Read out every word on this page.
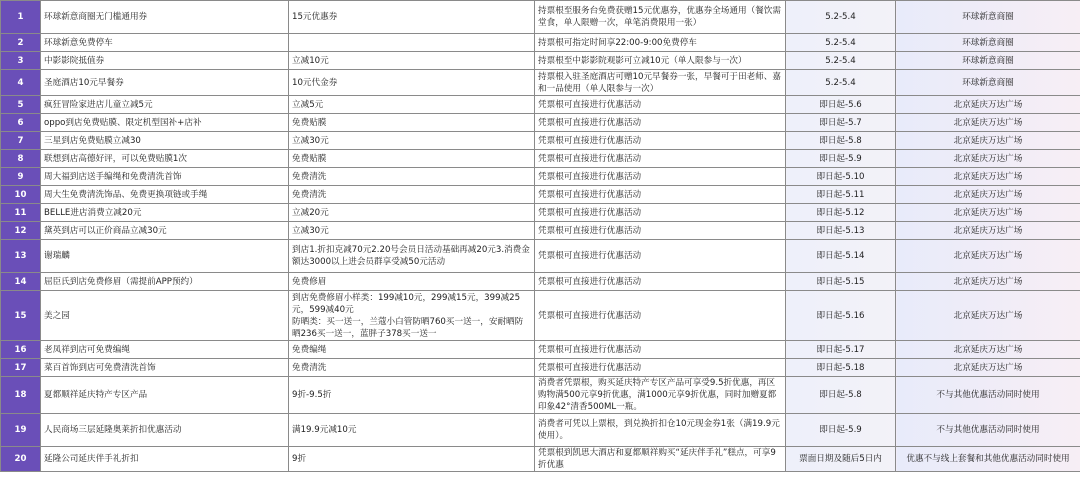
1	环球新意商圈无门槛通用券	15元优惠券	持票根至服务台免费获赠15元优惠券，优惠券全场通用（餐饮需堂食，单人限赠一次，单笔消费限用一张）	5.2-5.4	环球新意商圈
2	环球新意免费停车		持票根可指定时间享22:00-9:00免费停车	5.2-5.4	环球新意商圈
3	中影影院抵值券	立减10元	持票根至中影影院观影可立减10元（单人限参与一次）	5.2-5.4	环球新意商圈
4	圣庭酒店10元早餐券	10元代金券	持票根入驻圣庭酒店可赠10元早餐券一张，早餐可于田老师、嘉和一品使用（单人限参与一次）	5.2-5.4	环球新意商圈
5	疯狂冒险家进店儿童立减5元	立减5元	凭票根可直接进行优惠活动	即日起-5.6	北京延庆万达广场
6	oppo到店免费贴膜、限定机型国补+店补	免费贴膜	凭票根可直接进行优惠活动	即日起-5.7	北京延庆万达广场
7	三星到店免费贴膜立减30	立减30元	凭票根可直接进行优惠活动	即日起-5.8	北京延庆万达广场
8	联想到店高德好评，可以免费贴膜1次	免费贴膜	凭票根可直接进行优惠活动	即日起-5.9	北京延庆万达广场
9	周大福到店送手编绳和免费清洗首饰	免费清洗	凭票根可直接进行优惠活动	即日起-5.10	北京延庆万达广场
10	周大生免费清洗饰品、免费更换项链或手绳	免费清洗	凭票根可直接进行优惠活动	即日起-5.11	北京延庆万达广场
11	BELLE进店消费立减20元	立减20元	凭票根可直接进行优惠活动	即日起-5.12	北京延庆万达广场
12	黛英到店可以正价商品立减30元	立减30元	凭票根可直接进行优惠活动	即日起-5.13	北京延庆万达广场
13	谢瑞麟	到店1.折扣克减70元2.20号会员日活动基础再减20元3.消费金额达3000以上进会员群享受减50元活动	凭票根可直接进行优惠活动	即日起-5.14	北京延庆万达广场
14	屈臣氏到店免费修眉（需提前APP预约）	免费修眉	凭票根可直接进行优惠活动	即日起-5.15	北京延庆万达广场
15	美之园	到店免费修眉小样类：199减10元，299减15元，399减25元，599减40元
防晒类：买一送一，兰蔻小白管防晒760买一送一，安耐晒防晒236买一送一，蓝胖子378买一送一	凭票根可直接进行优惠活动	即日起-5.16	北京延庆万达广场
16	老凤祥到店可免费编绳	免费编绳	凭票根可直接进行优惠活动	即日起-5.17	北京延庆万达广场
17	菜百首饰到店可免费清洗首饰	免费清洗	凭票根可直接进行优惠活动	即日起-5.18	北京延庆万达广场
18	夏都顺祥延庆特产专区产品	9折-9.5折	消费者凭票根，购买延庆特产专区产品可享受9.5折优惠，再区购物满500元享9折优惠，满1000元享9折优惠，同时加赠夏都印象42°清香500ML一瓶。	即日起-5.8	不与其他优惠活动同时使用
19	人民商场三层延隆奥莱折扣优惠活动	满19.9元减10元	消费者可凭以上票根，到兑换折扣仓10元现金券1张（满19.9元使用）。	即日起-5.9	不与其他优惠活动同时使用
20	延隆公司延庆伴手礼折扣	9折	凭票根到凯思大酒店和夏都顺祥购买“延庆伴手礼”糕点，可享9折优惠	票面日期及随后5日内	优惠不与线上套餐和其他优惠活动同时使用
